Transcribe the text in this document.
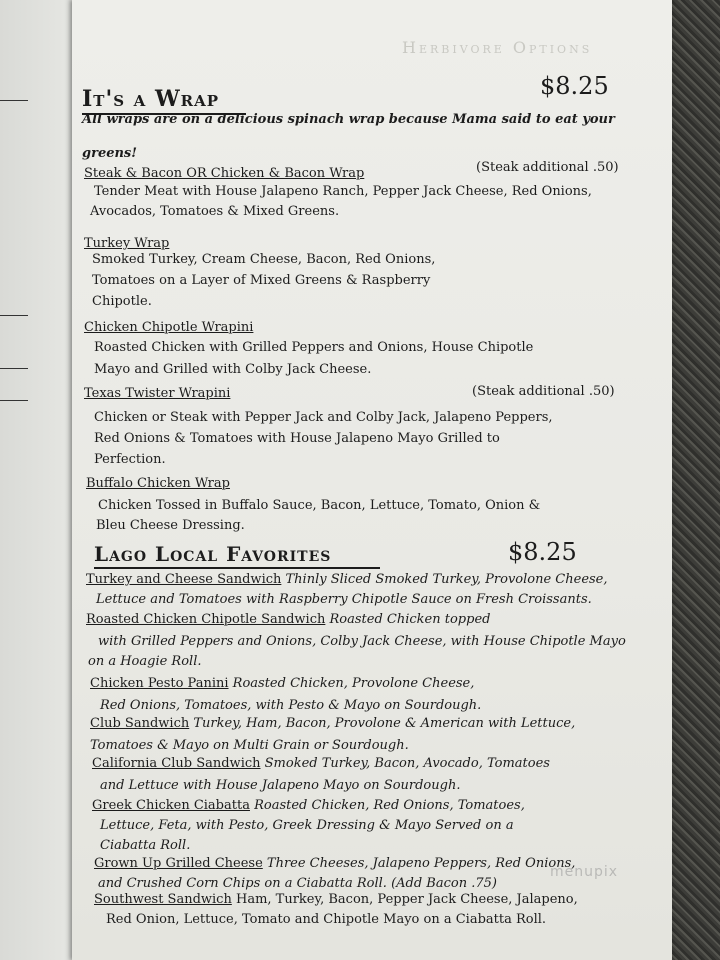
Herbivore Options
It's a Wrap	$8.25
All wraps are on a delicious spinach wrap because Mama said to eat your
greens!
Steak & Bacon OR Chicken & Bacon Wrap	(Steak additional .50)
Tender Meat with House Jalapeno Ranch, Pepper Jack Cheese, Red Onions,
Avocados, Tomatoes & Mixed Greens.
Turkey Wrap
Smoked Turkey, Cream Cheese, Bacon, Red Onions,
Tomatoes on a Layer of Mixed Greens & Raspberry
Chipotle.
Chicken Chipotle Wrapini
Roasted Chicken with Grilled Peppers and Onions, House Chipotle
Mayo and Grilled with Colby Jack Cheese.
Texas Twister Wrapini	(Steak additional .50)
Chicken or Steak with Pepper Jack and Colby Jack, Jalapeno Peppers,
Red Onions & Tomatoes with House Jalapeno Mayo Grilled to
Perfection.
Buffalo Chicken Wrap
Chicken Tossed in Buffalo Sauce, Bacon, Lettuce, Tomato, Onion &
Bleu Cheese Dressing.
Lago Local Favorites	$8.25
Turkey and Cheese Sandwich Thinly Sliced Smoked Turkey, Provolone Cheese,
Lettuce and Tomatoes with Raspberry Chipotle Sauce on Fresh Croissants.
Roasted Chicken Chipotle Sandwich Roasted Chicken topped
with Grilled Peppers and Onions, Colby Jack Cheese, with House Chipotle Mayo
on a Hoagie Roll.
Chicken Pesto Panini Roasted Chicken, Provolone Cheese,
Red Onions, Tomatoes, with Pesto & Mayo on Sourdough.
Club Sandwich Turkey, Ham, Bacon, Provolone & American with Lettuce,
Tomatoes & Mayo on Multi Grain or Sourdough.
California Club Sandwich Smoked Turkey, Bacon, Avocado, Tomatoes
and Lettuce with House Jalapeno Mayo on Sourdough.
Greek Chicken Ciabatta Roasted Chicken, Red Onions, Tomatoes,
Lettuce, Feta, with Pesto, Greek Dressing & Mayo Served on a
Ciabatta Roll.
Grown Up Grilled Cheese Three Cheeses, Jalapeno Peppers, Red Onions,
and Crushed Corn Chips on a Ciabatta Roll. (Add Bacon .75)
Southwest Sandwich Ham, Turkey, Bacon, Pepper Jack Cheese, Jalapeno,
Red Onion, Lettuce, Tomato and Chipotle Mayo on a Ciabatta Roll.
menupix
